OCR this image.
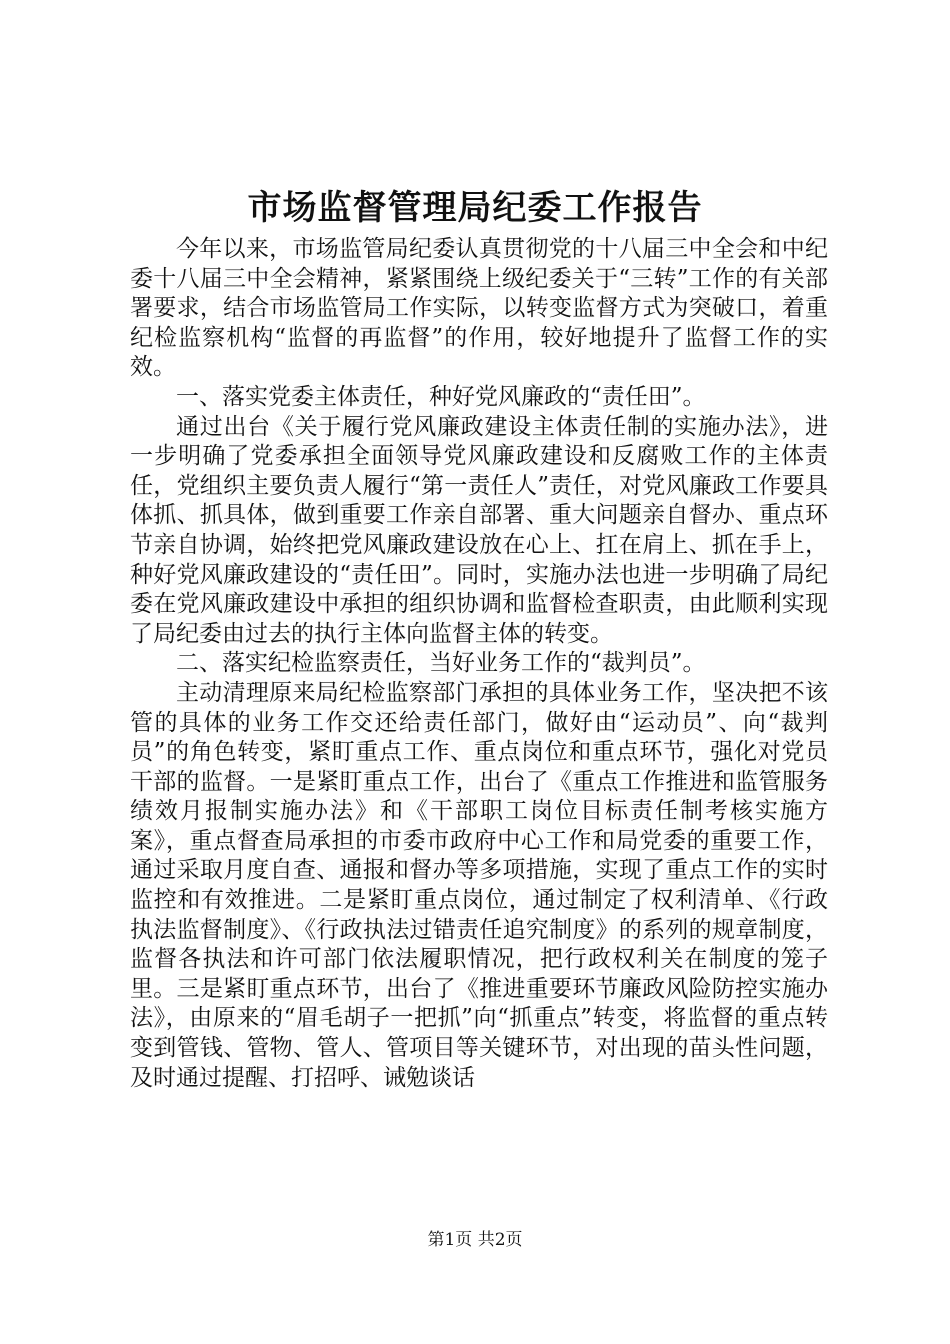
市场监督管理局纪委工作报告

今年以来，市场监管局纪委认真贯彻党的十八届三中全会和中纪委十八届三中全会精神，紧紧围绕上级纪委关于“三转”工作的有关部署要求，结合市场监管局工作实际，以转变监督方式为突破口，着重纪检监察机构“监督的再监督”的作用，较好地提升了监督工作的实效。

一、落实党委主体责任，种好党风廉政的“责任田”。

通过出台《关于履行党风廉政建设主体责任制的实施办法》，进一步明确了党委承担全面领导党风廉政建设和反腐败工作的主体责任，党组织主要负责人履行“第一责任人”责任，对党风廉政工作要具体抓、抓具体，做到重要工作亲自部署、重大问题亲自督办、重点环节亲自协调，始终把党风廉政建设放在心上、扛在肩上、抓在手上，种好党风廉政建设的“责任田”。同时，实施办法也进一步明确了局纪委在党风廉政建设中承担的组织协调和监督检查职责，由此顺利实现了局纪委由过去的执行主体向监督主体的转变。

二、落实纪检监察责任，当好业务工作的“裁判员”。

主动清理原来局纪检监察部门承担的具体业务工作，坚决把不该管的具体的业务工作交还给责任部门，做好由“运动员”、向“裁判员”的角色转变，紧盯重点工作、重点岗位和重点环节，强化对党员干部的监督。一是紧盯重点工作，出台了《重点工作推进和监管服务绩效月报制实施办法》和《干部职工岗位目标责任制考核实施方案》，重点督查局承担的市委市政府中心工作和局党委的重要工作，通过采取月度自查、通报和督办等多项措施，实现了重点工作的实时监控和有效推进。二是紧盯重点岗位，通过制定了权利清单、《行政执法监督制度》、《行政执法过错责任追究制度》的系列的规章制度，监督各执法和许可部门依法履职情况，把行政权利关在制度的笼子里。三是紧盯重点环节，出台了《推进重要环节廉政风险防控实施办法》，由原来的“眉毛胡子一把抓”向“抓重点”转变，将监督的重点转变到管钱、管物、管人、管项目等关键环节，对出现的苗头性问题，及时通过提醒、打招呼、诫勉谈话

第1页 共2页
